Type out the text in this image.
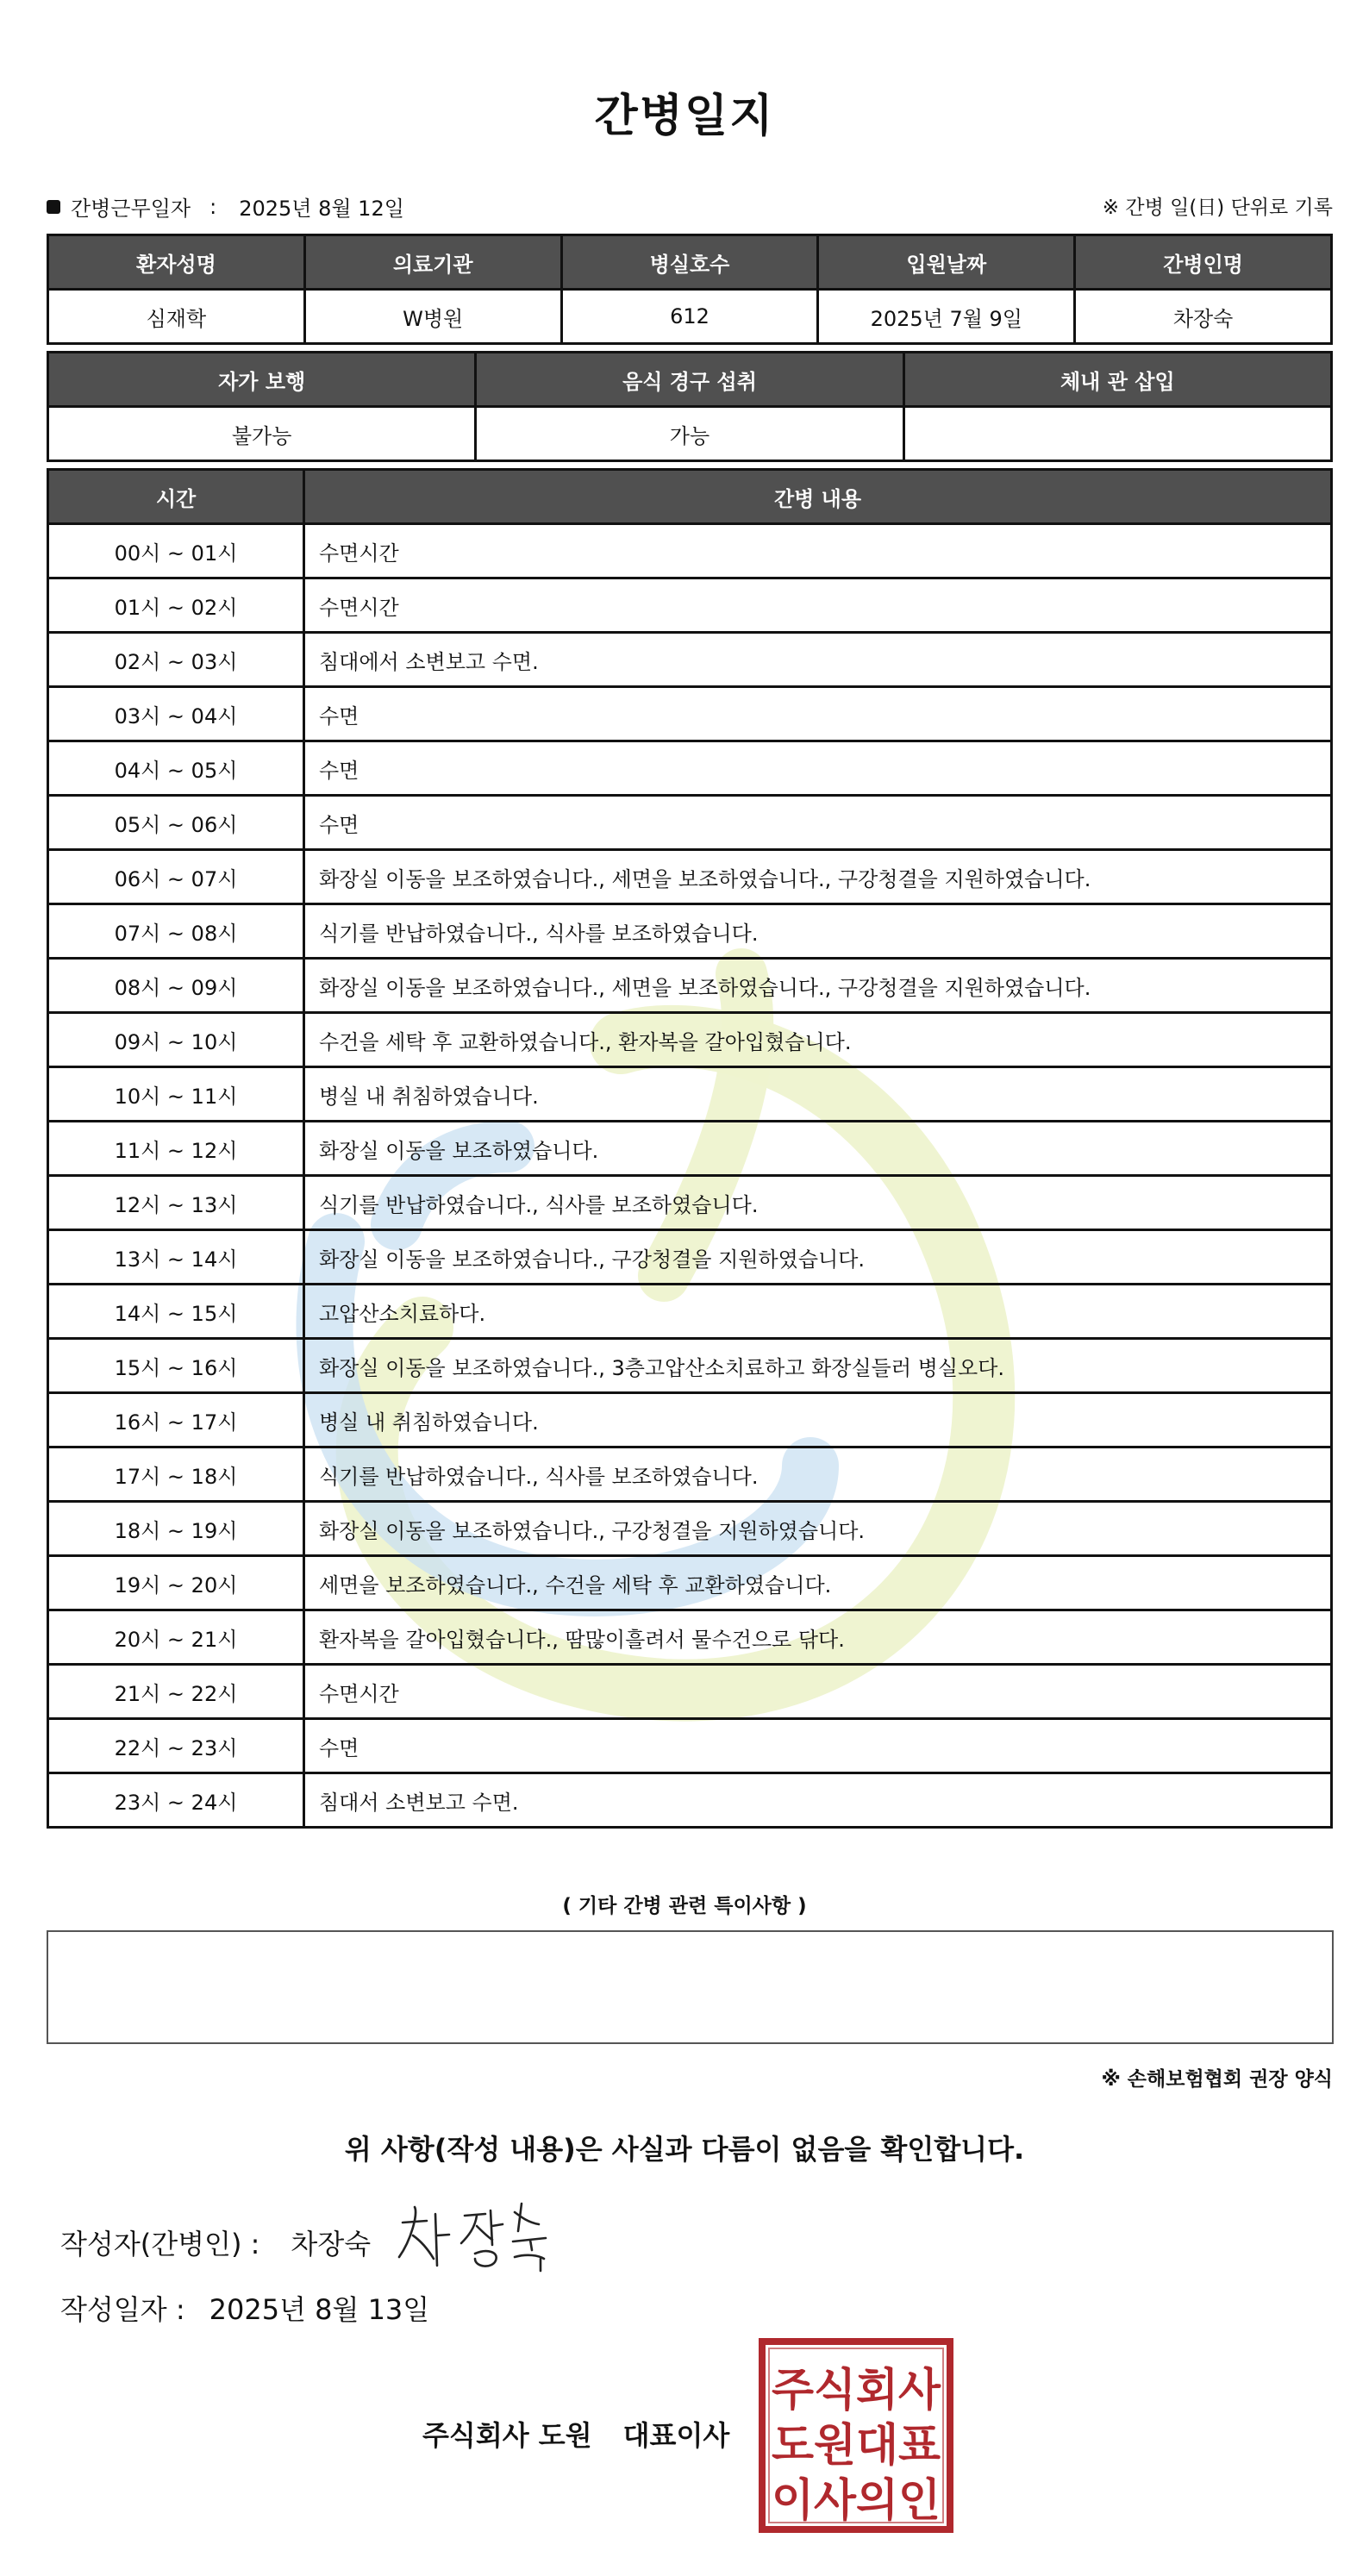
간병일지
간병근무일자 : 2025년 8월 12일	※ 간병 일(日) 단위로 기록
환자성명	의료기관	병실호수	입원날짜	간병인명
심재학	W병원	612	2025년 7월 9일	차장숙
자가 보행	음식 경구 섭취	체내 관 삽입
불가능	가능	
시간	간병 내용
00시 ~ 01시	수면시간
01시 ~ 02시	수면시간
02시 ~ 03시	침대에서 소변보고 수면.
03시 ~ 04시	수면
04시 ~ 05시	수면
05시 ~ 06시	수면
06시 ~ 07시	화장실 이동을 보조하였습니다., 세면을 보조하였습니다., 구강청결을 지원하였습니다.
07시 ~ 08시	식기를 반납하였습니다., 식사를 보조하였습니다.
08시 ~ 09시	화장실 이동을 보조하였습니다., 세면을 보조하였습니다., 구강청결을 지원하였습니다.
09시 ~ 10시	수건을 세탁 후 교환하였습니다., 환자복을 갈아입혔습니다.
10시 ~ 11시	병실 내 취침하였습니다.
11시 ~ 12시	화장실 이동을 보조하였습니다.
12시 ~ 13시	식기를 반납하였습니다., 식사를 보조하였습니다.
13시 ~ 14시	화장실 이동을 보조하였습니다., 구강청결을 지원하였습니다.
14시 ~ 15시	고압산소치료하다.
15시 ~ 16시	화장실 이동을 보조하였습니다., 3층고압산소치료하고 화장실들러 병실오다.
16시 ~ 17시	병실 내 취침하였습니다.
17시 ~ 18시	식기를 반납하였습니다., 식사를 보조하였습니다.
18시 ~ 19시	화장실 이동을 보조하였습니다., 구강청결을 지원하였습니다.
19시 ~ 20시	세면을 보조하였습니다., 수건을 세탁 후 교환하였습니다.
20시 ~ 21시	환자복을 갈아입혔습니다., 땀많이흘려서 물수건으로 닦다.
21시 ~ 22시	수면시간
22시 ~ 23시	수면
23시 ~ 24시	침대서 소변보고 수면.
( 기타 간병 관련 특이사항 )
※ 손해보험협회 권장 양식
위 사항(작성 내용)은 사실과 다름이 없음을 확인합니다.
작성자(간병인) : 차장숙
작성일자 : 2025년 8월 13일
주식회사 도원 대표이사
주식회사
도원대표
이사의인
